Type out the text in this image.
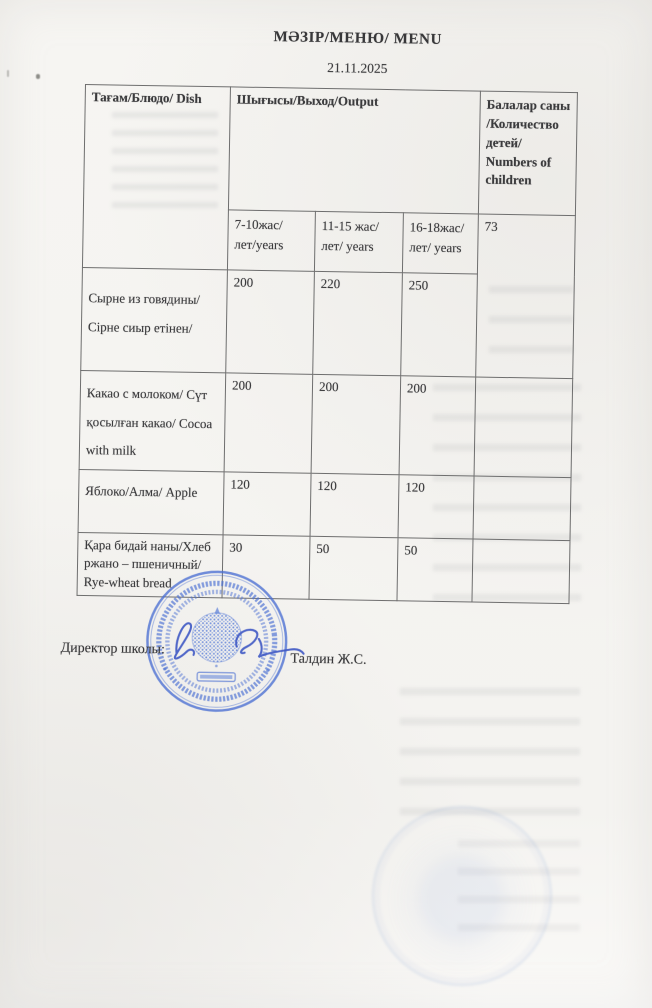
МӘЗІР/МЕНЮ/ MENU
21.11.2025
Тағам/Блюдо/ Dish	Шығысы/Выход/Output			Балалар саны /Количество детей/ Numbers of children
	7-10жас/лет/years	11-15 жас/лет/ years	16-18жас/лет/ years	73
Сырне из говядины/Сірне сиыр етінен/	200	220	250	
Какао с молоком/ Сүт қосылған какао/ Cocoa with milk	200	200	200	
Яблоко/Алма/ Apple	120	120	120	
Қара бидай наны/Хлеб ржано – пшеничный/ Rye-wheat bread	30	50	50	
Директор школы:
Талдин Ж.С.
